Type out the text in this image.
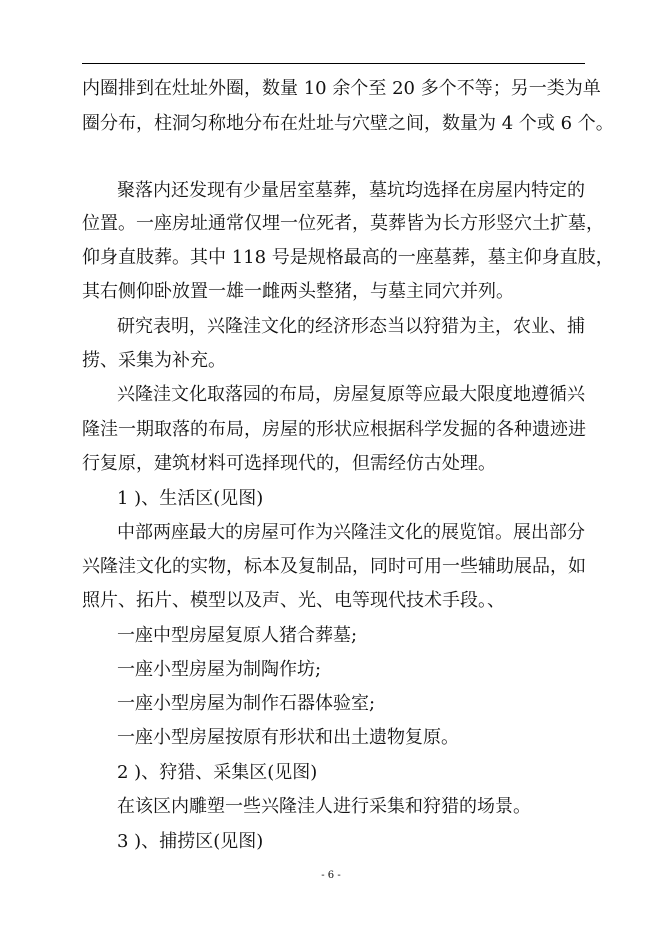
内圈排到在灶址外圈，数量 10 余个至 20 多个不等；另一类为单
圈分布，柱洞匀称地分布在灶址与穴壁之间，数量为 4 个或 6 个。
聚落内还发现有少量居室墓葬，墓坑均选择在房屋内特定的
位置。一座房址通常仅埋一位死者，莫葬皆为长方形竖穴土扩墓，
仰身直肢葬。其中 118 号是规格最高的一座墓葬，墓主仰身直肢，
其右侧仰卧放置一雄一雌两头整猪，与墓主同穴并列。
研究表明，兴隆洼文化的经济形态当以狩猎为主，农业、捕
捞、采集为补充。
兴隆洼文化取落园的布局，房屋复原等应最大限度地遵循兴
隆洼一期取落的布局，房屋的形状应根据科学发掘的各种遗迹进
行复原，建筑材料可选择现代的，但需经仿古处理。
1 )、生活区(见图)
中部两座最大的房屋可作为兴隆洼文化的展览馆。展出部分
兴隆洼文化的实物，标本及复制品，同时可用一些辅助展品，如
照片、拓片、模型以及声、光、电等现代技术手段。、
一座中型房屋复原人猪合葬墓;
一座小型房屋为制陶作坊;
一座小型房屋为制作石器体验室;
一座小型房屋按原有形状和出土遗物复原。
2 )、狩猎、采集区(见图)
在该区内雕塑一些兴隆洼人进行采集和狩猎的场景。
3 )、捕捞区(见图)
- 6 -
